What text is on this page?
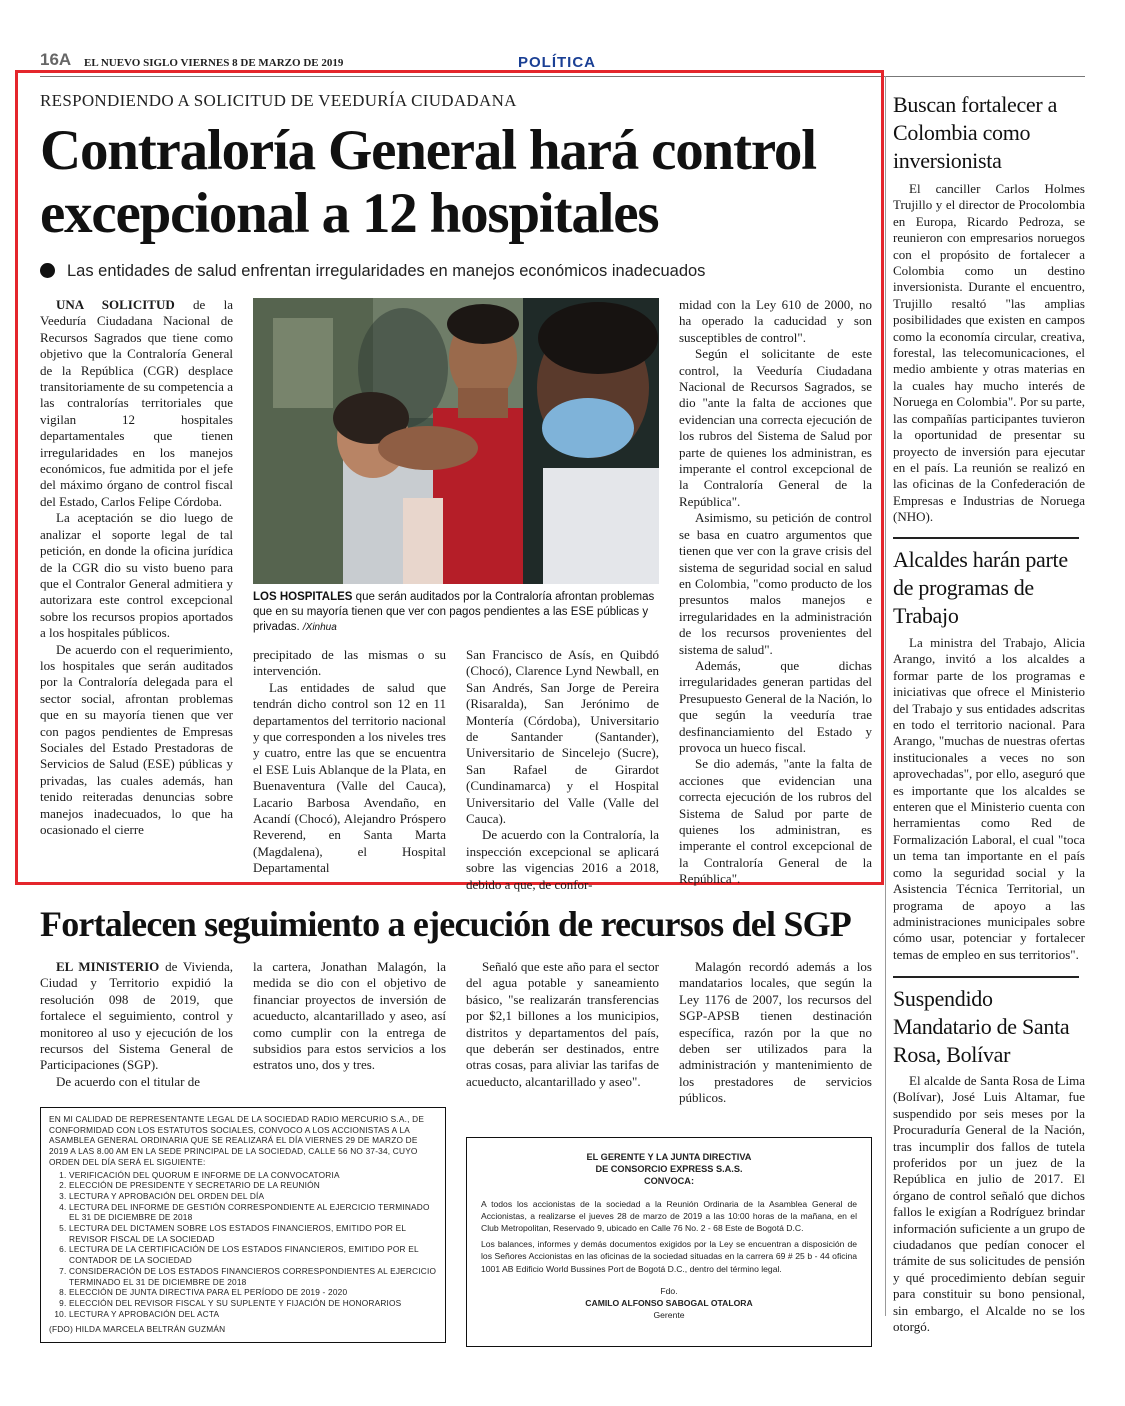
16A EL NUEVO SIGLO VIERNES 8 DE MARZO DE 2019	POLÍTICA
RESPONDIENDO A SOLICITUD DE VEEDURÍA CIUDADANA
Contraloría General hará control
excepcional a 12 hospitales
Las entidades de salud enfrentan irregularidades en manejos económicos inadecuados

UNA SOLICITUD de la Veeduría Ciudadana Nacional de Recursos Sagrados que tiene como objetivo que la Contraloría General de la República (CGR) desplace transitoriamente de su competencia a las contralorías territoriales que vigilan 12 hospitales departamentales que tienen irregularidades en los manejos económicos, fue admitida por el jefe del máximo órgano de control fiscal del Estado, Carlos Felipe Córdoba.

La aceptación se dio luego de analizar el soporte legal de tal petición, en donde la oficina jurídica de la CGR dio su visto bueno para que el Contralor General admitiera y autorizara este control excepcional sobre los recursos propios aportados a los hospitales públicos.

De acuerdo con el requerimiento, los hospitales que serán auditados por la Contraloría delegada para el sector social, afrontan problemas que en su mayoría tienen que ver con pagos pendientes de Empresas Sociales del Estado Prestadoras de Servicios de Salud (ESE) públicas y privadas, las cuales además, han tenido reiteradas denuncias sobre manejos inadecuados, lo que ha ocasionado el cierre

LOS HOSPITALES que serán auditados por la Contraloría afrontan problemas que en su mayoría tienen que ver con pagos pendientes a las ESE públicas y privadas. /Xinhua

precipitado de las mismas o su intervención.

Las entidades de salud que tendrán dicho control son 12 en 11 departamentos del territorio nacional y que corresponden a los niveles tres y cuatro, entre las que se encuentra el ESE Luis Ablanque de la Plata, en Buenaventura (Valle del Cauca), Lacario Barbosa Avendaño, en Acandí (Chocó), Alejandro Próspero Reverend, en Santa Marta (Magdalena), el Hospital Departamental

San Francisco de Asís, en Quibdó (Chocó), Clarence Lynd Newball, en San Andrés, San Jorge de Pereira (Risaralda), San Jerónimo de Montería (Córdoba), Universitario de Santander (Santander), Universitario de Sincelejo (Sucre), San Rafael de Girardot (Cundinamarca) y el Hospital Universitario del Valle (Valle del Cauca).

De acuerdo con la Contraloría, la inspección excepcional se aplicará sobre las vigencias 2016 a 2018, debido a que, de confor-

midad con la Ley 610 de 2000, no ha operado la caducidad y son susceptibles de control".

Según el solicitante de este control, la Veeduría Ciudadana Nacional de Recursos Sagrados, se dio "ante la falta de acciones que evidencian una correcta ejecución de los rubros del Sistema de Salud por parte de quienes los administran, es imperante el control excepcional de la Contraloría General de la República".

Asimismo, su petición de control se basa en cuatro argumentos que tienen que ver con la grave crisis del sistema de seguridad social en salud en Colombia, "como producto de los presuntos malos manejos e irregularidades en la administración de los recursos provenientes del sistema de salud".

Además, que dichas irregularidades generan partidas del Presupuesto General de la Nación, lo que según la veeduría trae desfinanciamiento del Estado y provoca un hueco fiscal.

Se dio además, "ante la falta de acciones que evidencian una correcta ejecución de los rubros del Sistema de Salud por parte de quienes los administran, es imperante el control excepcional de la Contraloría General de la República".

Buscan fortalecer a Colombia como inversionista

El canciller Carlos Holmes Trujillo y el director de Procolombia en Europa, Ricardo Pedroza, se reunieron con empresarios noruegos con el propósito de fortalecer a Colombia como un destino inversionista. Durante el encuentro, Trujillo resaltó "las amplias posibilidades que existen en campos como la economía circular, creativa, forestal, las telecomunicaciones, el medio ambiente y otras materias en la cuales hay mucho interés de Noruega en Colombia". Por su parte, las compañías participantes tuvieron la oportunidad de presentar su proyecto de inversión para ejecutar en el país. La reunión se realizó en las oficinas de la Confederación de Empresas e Industrias de Noruega (NHO).

Alcaldes harán parte de programas de Trabajo

La ministra del Trabajo, Alicia Arango, invitó a los alcaldes a formar parte de los programas e iniciativas que ofrece el Ministerio del Trabajo y sus entidades adscritas en todo el territorio nacional. Para Arango, "muchas de nuestras ofertas institucionales a veces no son aprovechadas", por ello, aseguró que es importante que los alcaldes se enteren que el Ministerio cuenta con herramientas como Red de Formalización Laboral, el cual "toca un tema tan importante en el país como la seguridad social y la Asistencia Técnica Territorial, un programa de apoyo a las administraciones municipales sobre cómo usar, potenciar y fortalecer temas de empleo en sus territorios".

Suspendido Mandatario de Santa Rosa, Bolívar

El alcalde de Santa Rosa de Lima (Bolívar), José Luis Altamar, fue suspendido por seis meses por la Procuraduría General de la Nación, tras incumplir dos fallos de tutela proferidos por un juez de la República en julio de 2017. El órgano de control señaló que dichos fallos le exigían a Rodríguez brindar información suficiente a un grupo de ciudadanos que pedían conocer el trámite de sus solicitudes de pensión y qué procedimiento debían seguir para constituir su bono pensional, sin embargo, el Alcalde no se los otorgó.

Fortalecen seguimiento a ejecución de recursos del SGP

EL MINISTERIO de Vivienda, Ciudad y Territorio expidió la resolución 098 de 2019, que fortalece el seguimiento, control y monitoreo al uso y ejecución de los recursos del Sistema General de Participaciones (SGP).

De acuerdo con el titular de

la cartera, Jonathan Malagón, la medida se dio con el objetivo de financiar proyectos de inversión de acueducto, alcantarillado y aseo, así como cumplir con la entrega de subsidios para estos servicios a los estratos uno, dos y tres.

Señaló que este año para el sector del agua potable y saneamiento básico, "se realizarán transferencias por $2,1 billones a los municipios, distritos y departamentos del país, que deberán ser destinados, entre otras cosas, para aliviar las tarifas de acueducto, alcantarillado y aseo".

Malagón recordó además a los mandatarios locales, que según la Ley 1176 de 2007, los recursos del SGP-APSB tienen destinación específica, razón por la que no deben ser utilizados para la administración y mantenimiento de los prestadores de servicios públicos.

EN MI CALIDAD DE REPRESENTANTE LEGAL DE LA SOCIEDAD RADIO MERCURIO S.A., DE CONFORMIDAD CON LOS ESTATUTOS SOCIALES, CONVOCO A LOS ACCIONISTAS A LA ASAMBLEA GENERAL ORDINARIA QUE SE REALIZARÁ EL DÍA VIERNES 29 DE MARZO DE 2019 A LAS 8.00 AM EN LA SEDE PRINCIPAL DE LA SOCIEDAD, CALLE 56 NO 37-34, CUYO ORDEN DEL DÍA SERÁ EL SIGUIENTE:
1. VERIFICACIÓN DEL QUORUM E INFORME DE LA CONVOCATORIA
2. ELECCIÓN DE PRESIDENTE Y SECRETARIO DE LA REUNIÓN
3. LECTURA Y APROBACIÓN DEL ORDEN DEL DÍA
4. LECTURA DEL INFORME DE GESTIÓN CORRESPONDIENTE AL EJERCICIO TERMINADO EL 31 DE DICIEMBRE DE 2018
5. LECTURA DEL DICTAMEN SOBRE LOS ESTADOS FINANCIEROS, EMITIDO POR EL REVISOR FISCAL DE LA SOCIEDAD
6. LECTURA DE LA CERTIFICACIÓN DE LOS ESTADOS FINANCIEROS, EMITIDO POR EL CONTADOR DE LA SOCIEDAD
7. CONSIDERACIÓN DE LOS ESTADOS FINANCIEROS CORRESPONDIENTES AL EJERCICIO TERMINADO EL 31 DE DICIEMBRE DE 2018
8. ELECCIÓN DE JUNTA DIRECTIVA PARA EL PERÍODO DE 2019 - 2020
9. ELECCIÓN DEL REVISOR FISCAL Y SU SUPLENTE Y FIJACIÓN DE HONORARIOS
10. LECTURA Y APROBACIÓN DEL ACTA
(FDO) HILDA MARCELA BELTRÁN GUZMÁN
EL GERENTE Y LA JUNTA DIRECTIVA
DE CONSORCIO EXPRESS S.A.S.
CONVOCA:
A todos los accionistas de la sociedad a la Reunión Ordinaria de la Asamblea General de Accionistas, a realizarse el jueves 28 de marzo de 2019 a las 10:00 horas de la mañana, en el Club Metropolitan, Reservado 9, ubicado en Calle 76 No. 2 - 68 Este de Bogotá D.C.
Los balances, informes y demás documentos exigidos por la Ley se encuentran a disposición de los Señores Accionistas en las oficinas de la sociedad situadas en la carrera 69 # 25 b - 44 oficina 1001 AB Edificio World Bussines Port de Bogotá D.C., dentro del término legal.
Fdo.
CAMILO ALFONSO SABOGAL OTALORA
Gerente
